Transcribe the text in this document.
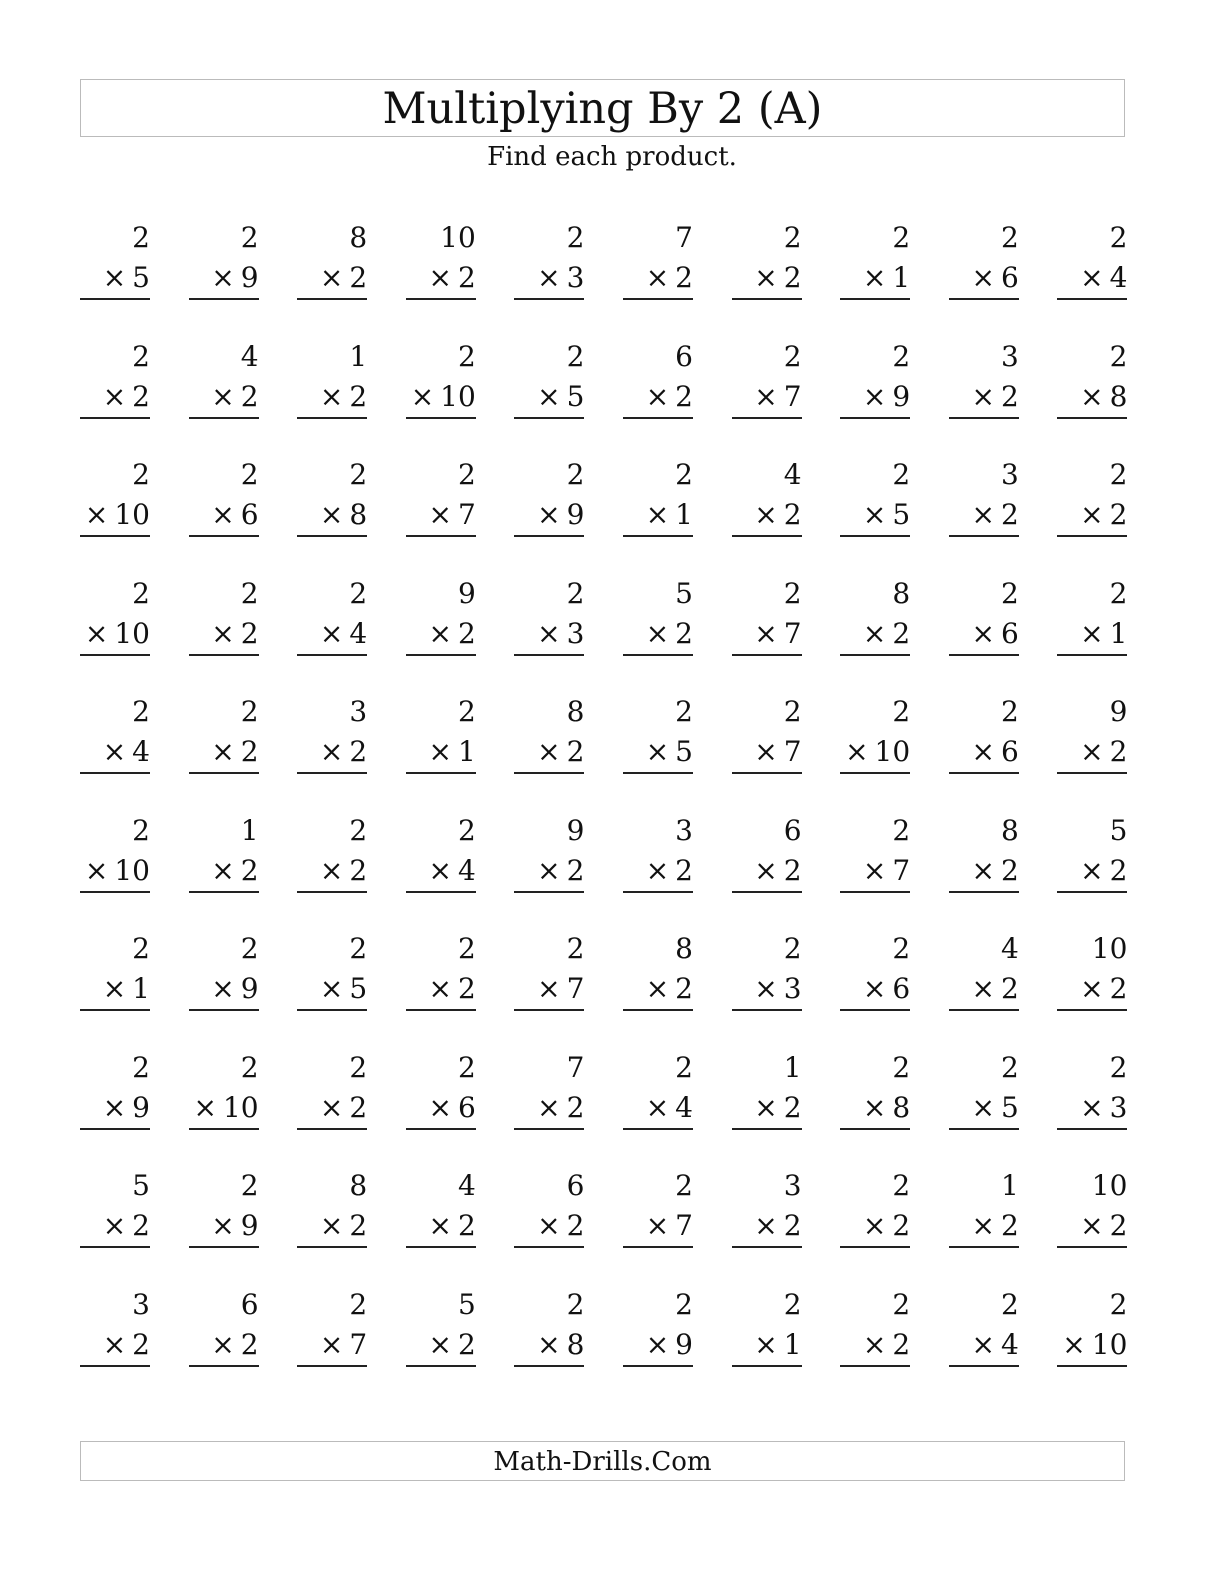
Multiplying By 2 (A)
Find each product.
2
× 5
2
× 9
8
× 2
10
× 2
2
× 3
7
× 2
2
× 2
2
× 1
2
× 6
2
× 4
2
× 2
4
× 2
1
× 2
2
× 10
2
× 5
6
× 2
2
× 7
2
× 9
3
× 2
2
× 8
2
× 10
2
× 6
2
× 8
2
× 7
2
× 9
2
× 1
4
× 2
2
× 5
3
× 2
2
× 2
2
× 10
2
× 2
2
× 4
9
× 2
2
× 3
5
× 2
2
× 7
8
× 2
2
× 6
2
× 1
2
× 4
2
× 2
3
× 2
2
× 1
8
× 2
2
× 5
2
× 7
2
× 10
2
× 6
9
× 2
2
× 10
1
× 2
2
× 2
2
× 4
9
× 2
3
× 2
6
× 2
2
× 7
8
× 2
5
× 2
2
× 1
2
× 9
2
× 5
2
× 2
2
× 7
8
× 2
2
× 3
2
× 6
4
× 2
10
× 2
2
× 9
2
× 10
2
× 2
2
× 6
7
× 2
2
× 4
1
× 2
2
× 8
2
× 5
2
× 3
5
× 2
2
× 9
8
× 2
4
× 2
6
× 2
2
× 7
3
× 2
2
× 2
1
× 2
10
× 2
3
× 2
6
× 2
2
× 7
5
× 2
2
× 8
2
× 9
2
× 1
2
× 2
2
× 4
2
× 10
Math-Drills.Com
